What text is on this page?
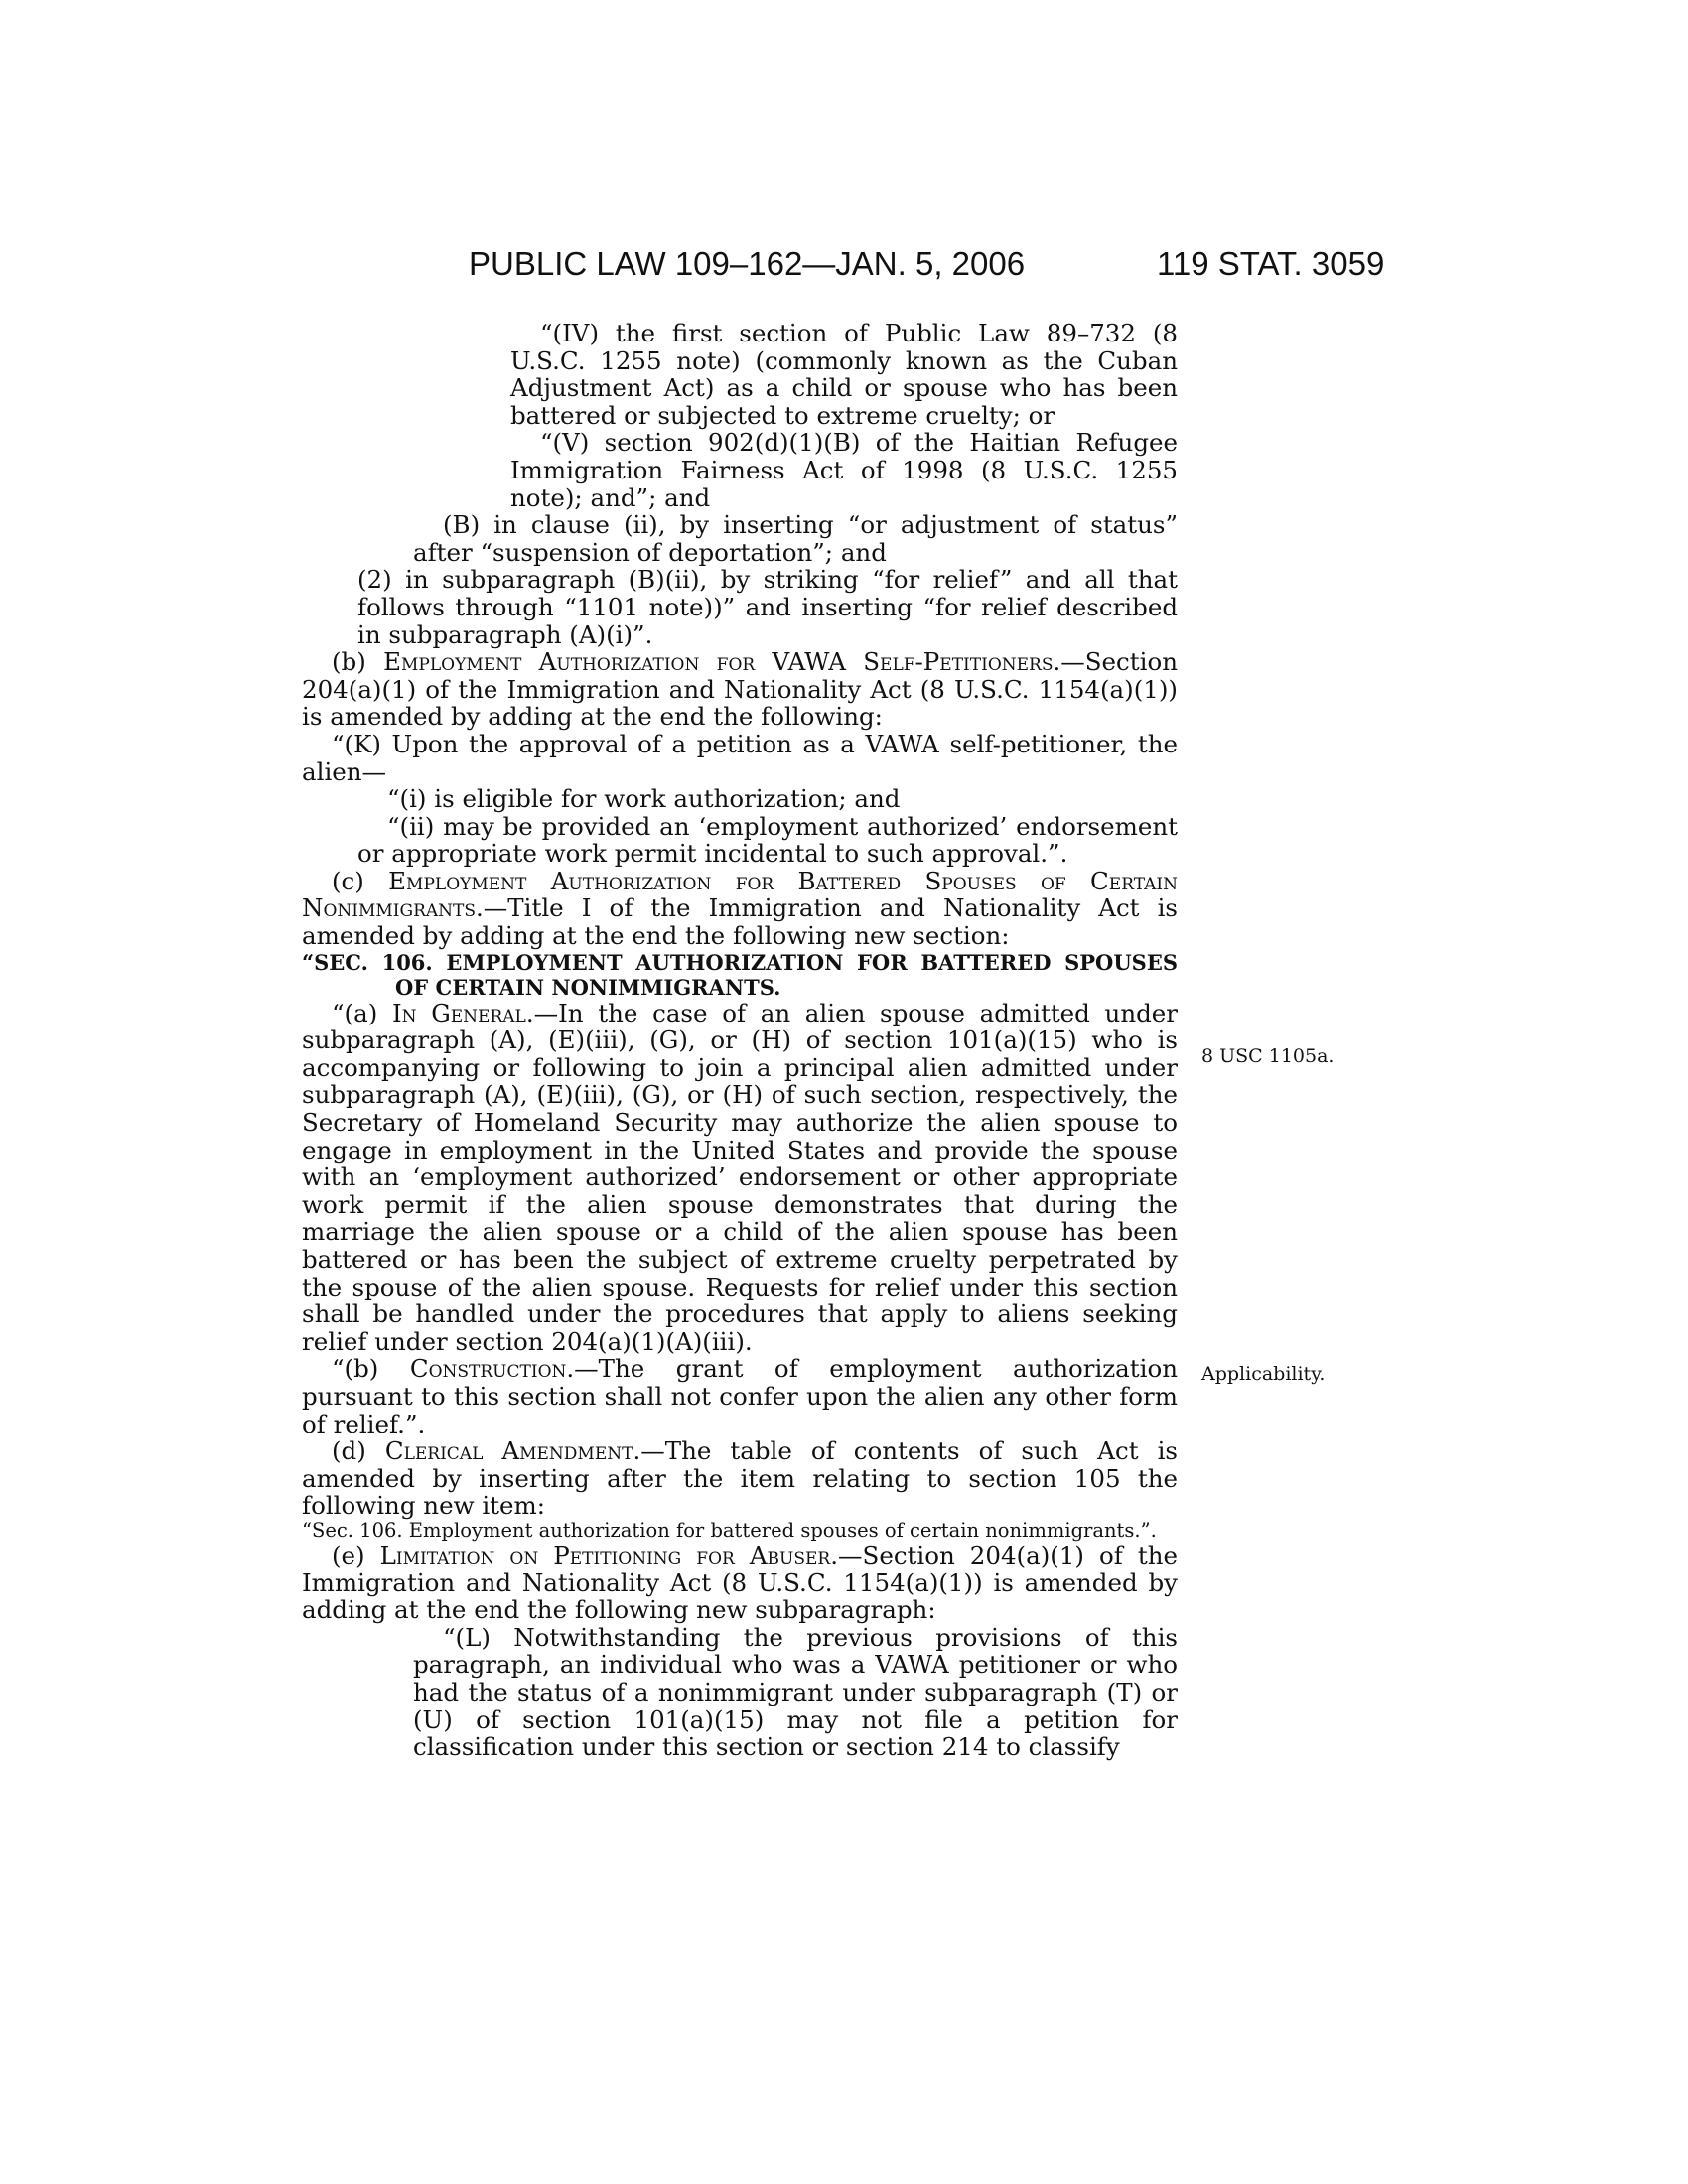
PUBLIC LAW 109–162—JAN. 5, 2006	119 STAT. 3059
8 USC 1105a.
Applicability.

“(IV) the first section of Public Law 89–732 (8 U.S.C. 1255 note) (commonly known as the Cuban Adjustment Act) as a child or spouse who has been battered or subjected to extreme cruelty; or

“(V) section 902(d)(1)(B) of the Haitian Refugee Immigration Fairness Act of 1998 (8 U.S.C. 1255 note); and”; and

(B) in clause (ii), by inserting “or adjustment of status” after “suspension of deportation”; and

(2) in subparagraph (B)(ii), by striking “for relief” and all that follows through “1101 note))” and inserting “for relief described in subparagraph (A)(i)”.

(b) Employment Authorization for VAWA Self-Petitioners.—Section 204(a)(1) of the Immigration and Nationality Act (8 U.S.C. 1154(a)(1)) is amended by adding at the end the following:

“(K) Upon the approval of a petition as a VAWA self-petitioner, the alien—

“(i) is eligible for work authorization; and

“(ii) may be provided an ‘employment authorized’ endorsement or appropriate work permit incidental to such approval.”.

(c) Employment Authorization for Battered Spouses of Certain Nonimmigrants.—Title I of the Immigration and Nationality Act is amended by adding at the end the following new section:

“SEC. 106. EMPLOYMENT AUTHORIZATION FOR BATTERED SPOUSES OF CERTAIN NONIMMIGRANTS.

“(a) In General.—In the case of an alien spouse admitted under subparagraph (A), (E)(iii), (G), or (H) of section 101(a)(15) who is accompanying or following to join a principal alien admitted under subparagraph (A), (E)(iii), (G), or (H) of such section, respectively, the Secretary of Homeland Security may authorize the alien spouse to engage in employment in the United States and provide the spouse with an ‘employment authorized’ endorsement or other appropriate work permit if the alien spouse demonstrates that during the marriage the alien spouse or a child of the alien spouse has been battered or has been the subject of extreme cruelty perpetrated by the spouse of the alien spouse. Requests for relief under this section shall be handled under the procedures that apply to aliens seeking relief under section 204(a)(1)(A)(iii).

“(b) Construction.—The grant of employment authorization pursuant to this section shall not confer upon the alien any other form of relief.”.

(d) Clerical Amendment.—The table of contents of such Act is amended by inserting after the item relating to section 105 the following new item:

“Sec. 106. Employment authorization for battered spouses of certain nonimmigrants.”.

(e) Limitation on Petitioning for Abuser.—Section 204(a)(1) of the Immigration and Nationality Act (8 U.S.C. 1154(a)(1)) is amended by adding at the end the following new subparagraph:

“(L) Notwithstanding the previous provisions of this paragraph, an individual who was a VAWA petitioner or who had the status of a nonimmigrant under subparagraph (T) or (U) of section 101(a)(15) may not file a petition for classification under this section or section 214 to classify
